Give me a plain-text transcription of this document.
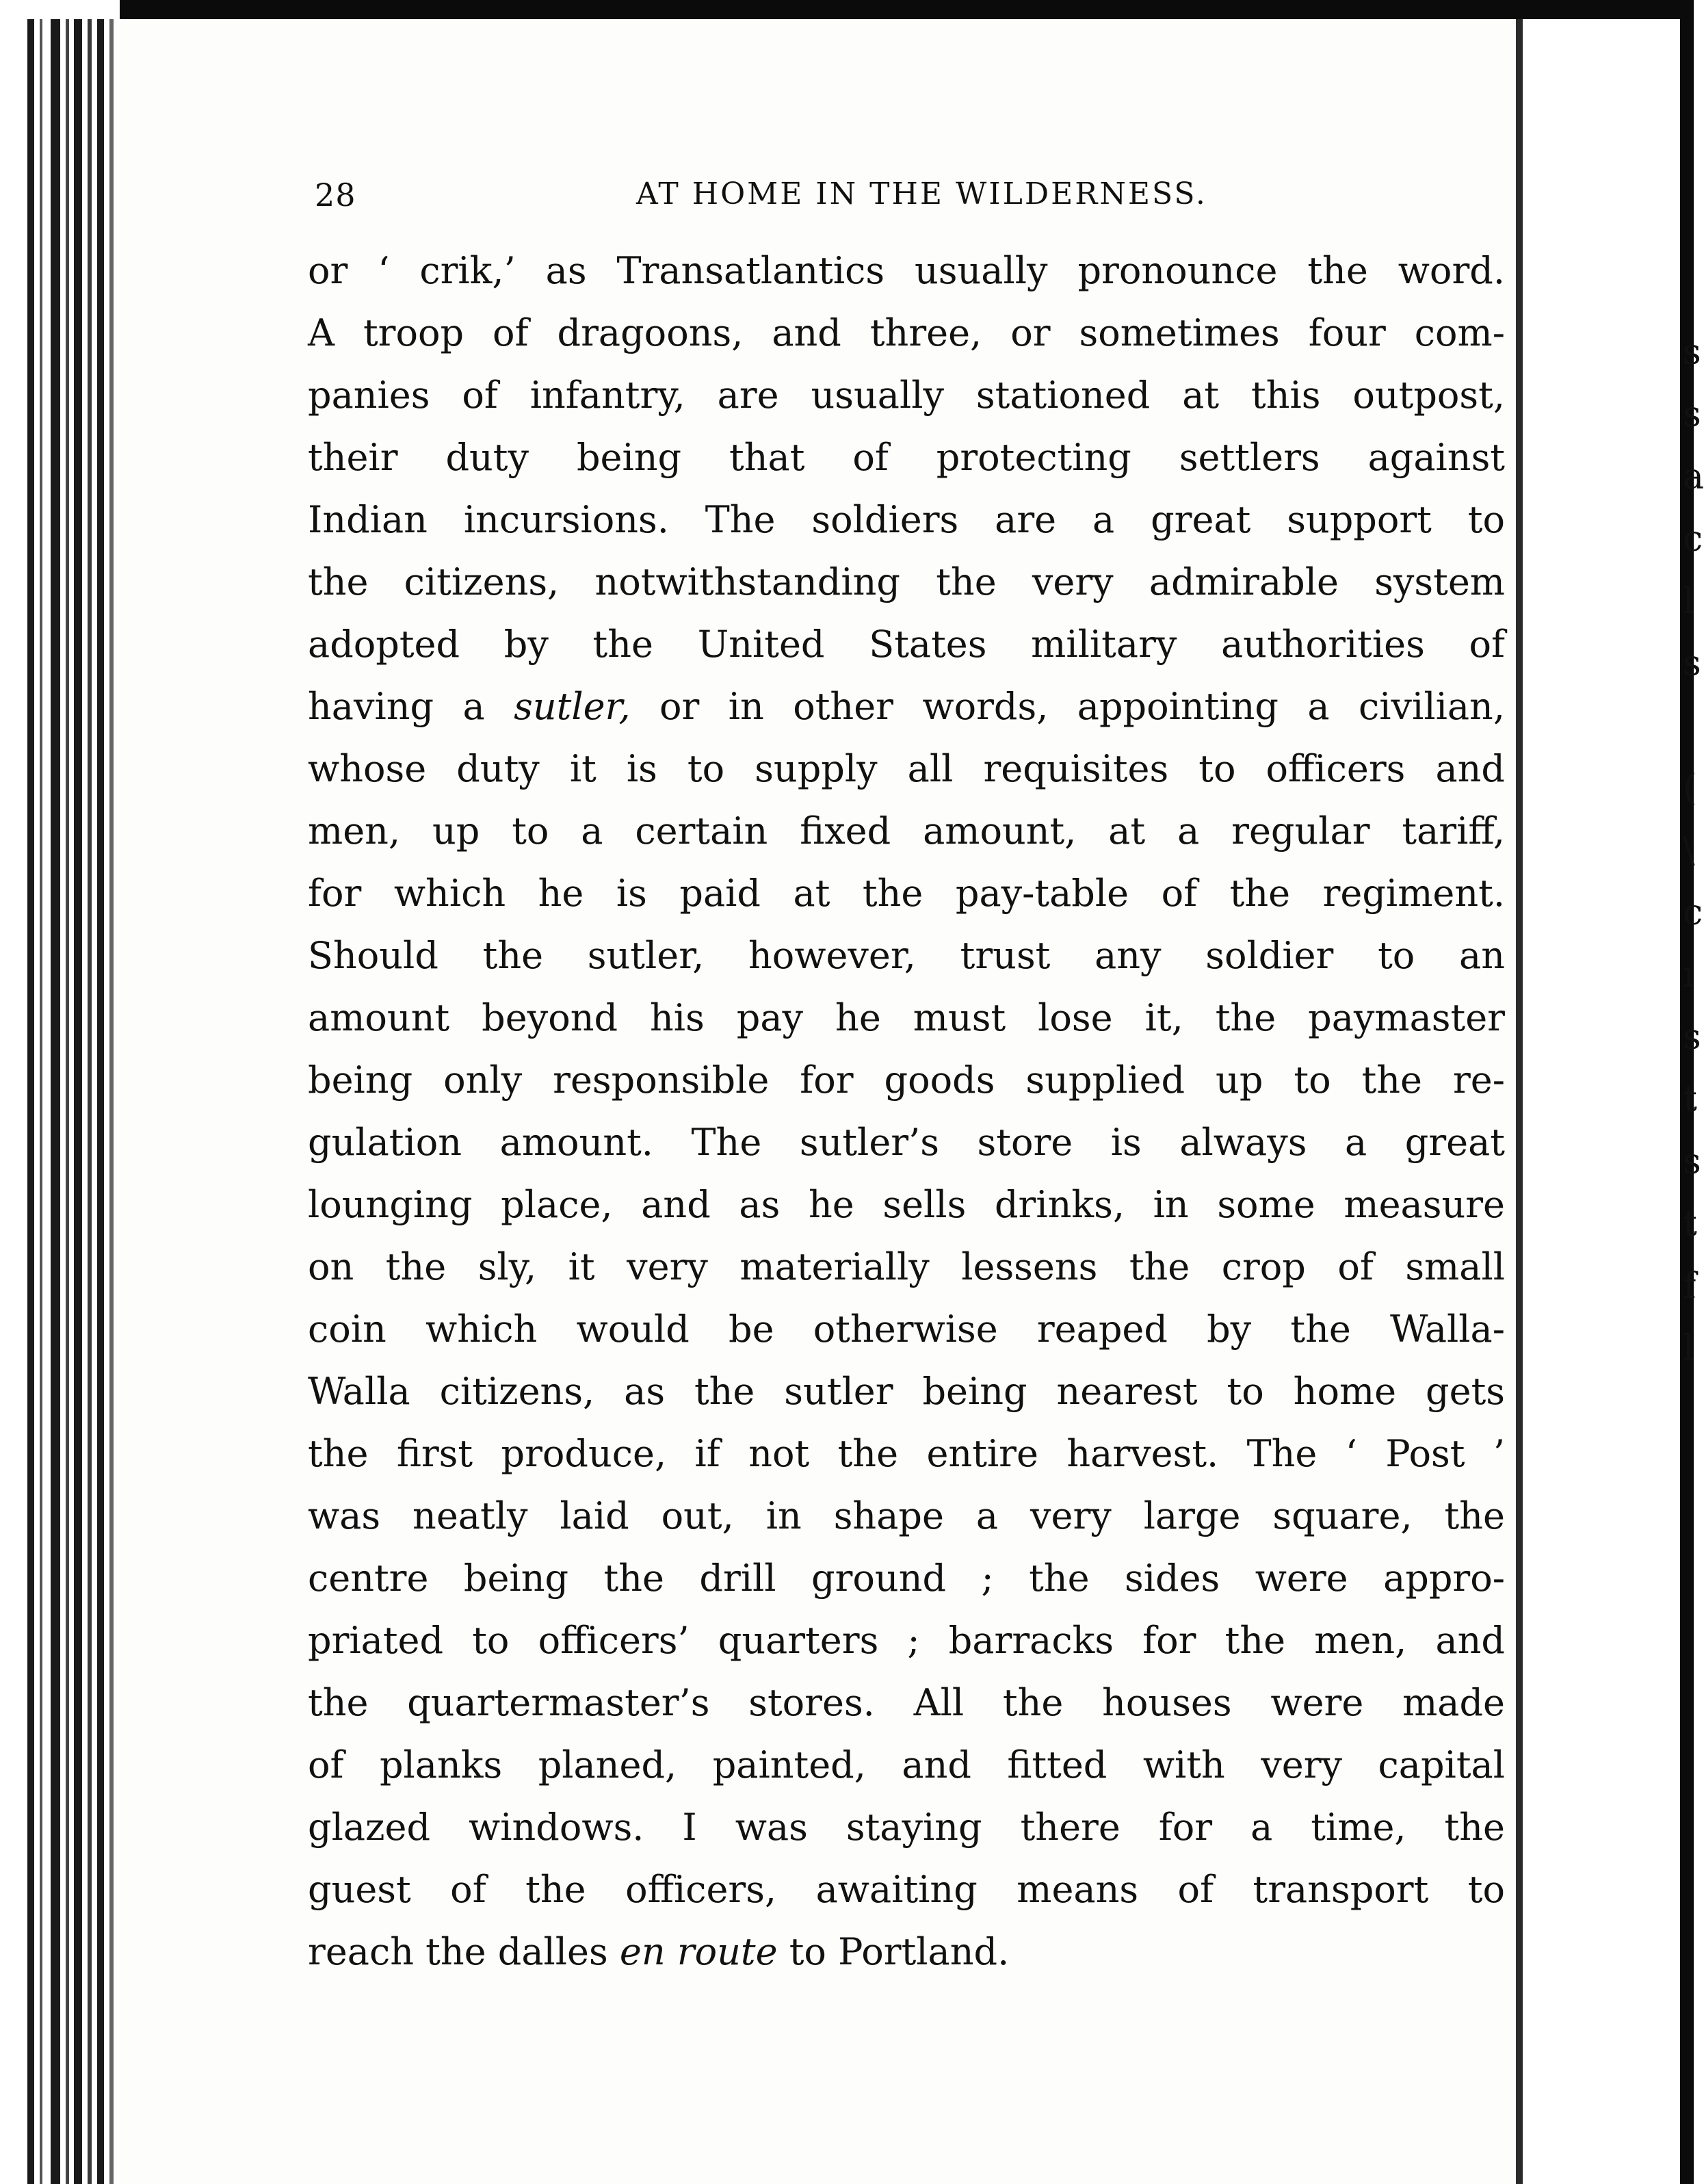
s
s
a
c
l
s

(
\
c
ı
s
t
s
t
f
l
28	AT HOME IN THE WILDERNESS.
or ‘ crik,’ as Transatlantics usually pronounce the word.
A troop of dragoons, and three, or sometimes four com-
panies of infantry, are usually stationed at this outpost,
their duty being that of protecting settlers against
Indian incursions. The soldiers are a great support to
the citizens, notwithstanding the very admirable system
adopted by the United States military authorities of
having a sutler, or in other words, appointing a civilian,
whose duty it is to supply all requisites to officers and
men, up to a certain fixed amount, at a regular tariff,
for which he is paid at the pay-table of the regiment.
Should the sutler, however, trust any soldier to an
amount beyond his pay he must lose it, the paymaster
being only responsible for goods supplied up to the re-
gulation amount. The sutler’s store is always a great
lounging place, and as he sells drinks, in some measure
on the sly, it very materially lessens the crop of small
coin which would be otherwise reaped by the Walla-
Walla citizens, as the sutler being nearest to home gets
the first produce, if not the entire harvest. The ‘ Post ’
was neatly laid out, in shape a very large square, the
centre being the drill ground ; the sides were appro-
priated to officers’ quarters ; barracks for the men, and
the quartermaster’s stores. All the houses were made
of planks planed, painted, and fitted with very capital
glazed windows. I was staying there for a time, the
guest of the officers, awaiting means of transport to
reach the dalles en route to Portland.
